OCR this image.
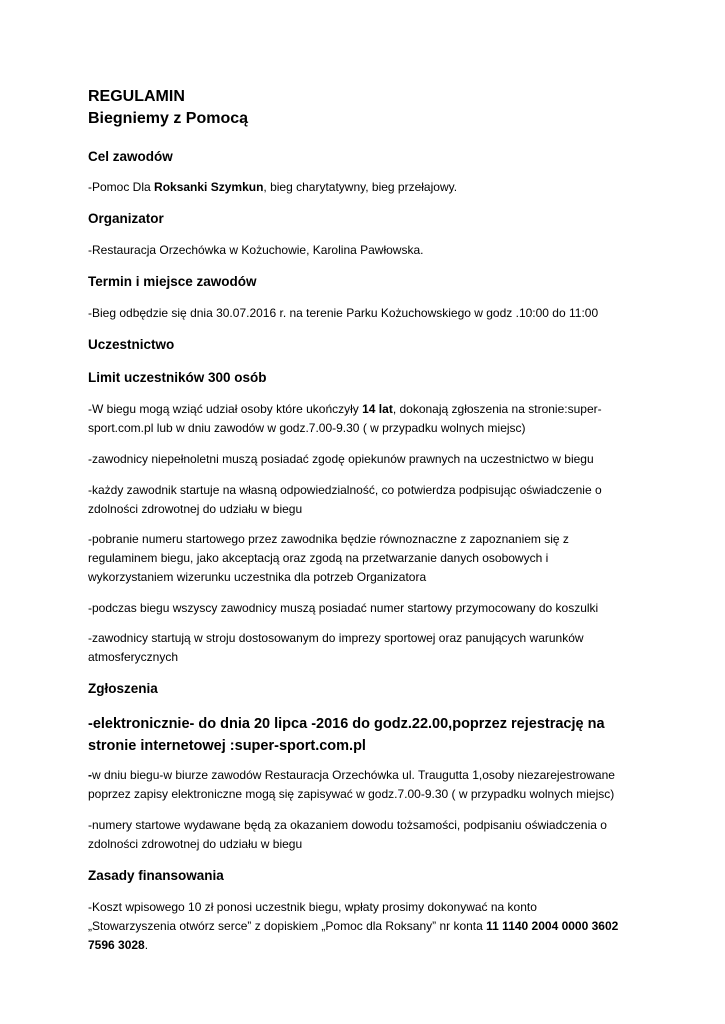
REGULAMIN

Biegniemy z Pomocą

Cel zawodów

-Pomoc Dla Roksanki Szymkun, bieg charytatywny, bieg przełajowy.

Organizator

-Restauracja Orzechówka w Kożuchowie, Karolina Pawłowska.

Termin i miejsce zawodów

-Bieg odbędzie się dnia 30.07.2016 r. na terenie Parku Kożuchowskiego w godz .10:00 do 11:00

Uczestnictwo

Limit uczestników 300 osób

-W biegu mogą wziąć udział osoby które ukończyły 14 lat, dokonają zgłoszenia na stronie:super-sport.com.pl lub w dniu zawodów w godz.7.00-9.30 ( w przypadku wolnych miejsc)

-zawodnicy niepełnoletni muszą posiadać zgodę opiekunów prawnych na uczestnictwo w biegu

-każdy zawodnik startuje na własną odpowiedzialność, co potwierdza podpisując oświadczenie o zdolności zdrowotnej do udziału w biegu

-pobranie numeru startowego przez zawodnika będzie równoznaczne z zapoznaniem się z regulaminem biegu, jako akceptacją oraz zgodą na przetwarzanie danych osobowych i wykorzystaniem wizerunku uczestnika dla potrzeb Organizatora

-podczas biegu wszyscy zawodnicy muszą posiadać numer startowy przymocowany do koszulki

-zawodnicy startują w stroju dostosowanym do imprezy sportowej oraz panujących warunków atmosferycznych

Zgłoszenia

-elektronicznie- do dnia 20 lipca -2016 do godz.22.00,poprzez rejestrację na stronie internetowej :super-sport.com.pl

-w dniu biegu-w biurze zawodów Restauracja Orzechówka ul. Traugutta 1,osoby niezarejestrowane poprzez zapisy elektroniczne mogą się zapisywać w godz.7.00-9.30 ( w przypadku wolnych miejsc)

-numery startowe wydawane będą za okazaniem dowodu tożsamości, podpisaniu oświadczenia o zdolności zdrowotnej do udziału w biegu

Zasady finansowania

-Koszt wpisowego 10 zł ponosi uczestnik biegu, wpłaty prosimy dokonywać na konto „Stowarzyszenia otwórz serce” z dopiskiem „Pomoc dla Roksany” nr konta 11 1140 2004 0000 3602 7596 3028.
